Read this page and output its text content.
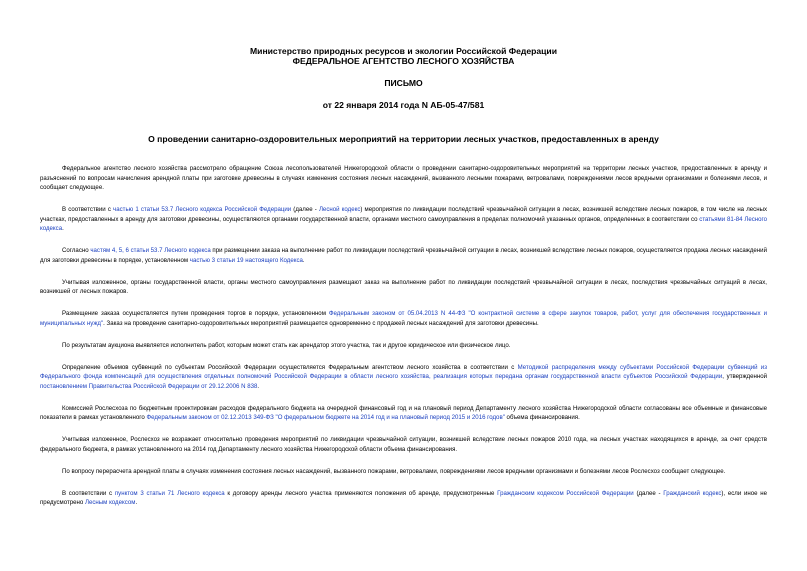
Министерство природных ресурсов и экологии Российской Федерации
ФЕДЕРАЛЬНОЕ АГЕНТСТВО ЛЕСНОГО ХОЗЯЙСТВА
ПИСЬМО
от 22 января 2014 года N АБ-05-47/581
О проведении санитарно-оздоровительных мероприятий на территории лесных участков, предоставленных в аренду

Федеральное агентство лесного хозяйства рассмотрело обращение Союза лесопользователей Нижегородской области о проведении санитарно-оздоровительных мероприятий на территории лесных участков, предоставленных в аренду и разъяснений по вопросам начисления арендной платы при заготовке древесины в случаях изменения состояния лесных насаждений, вызванного лесными пожарами, ветровалами, повреждениями лесов вредными организмами и болезнями лесов, и сообщает следующее.

В соответствии с частью 1 статьи 53.7 Лесного кодекса Российской Федерации (далее - Лесной кодекс) мероприятия по ликвидации последствий чрезвычайной ситуации в лесах, возникшей вследствие лесных пожаров, в том числе на лесных участках, предоставленных в аренду для заготовки древесины, осуществляются органами государственной власти, органами местного самоуправления в пределах полномочий указанных органов, определенных в соответствии со статьями 81-84 Лесного кодекса.

Согласно частям 4, 5, 6 статьи 53.7 Лесного кодекса при размещении заказа на выполнение работ по ликвидации последствий чрезвычайной ситуации в лесах, возникшей вследствие лесных пожаров, осуществляется продажа лесных насаждений для заготовки древесины в порядке, установленном частью 3 статьи 19 настоящего Кодекса.

Учитывая изложенное, органы государственной власти, органы местного самоуправления размещают заказ на выполнение работ по ликвидации последствий чрезвычайной ситуации в лесах, последствия чрезвычайных ситуаций в лесах, возникшей от лесных пожаров.

Размещение заказа осуществляется путем проведения торгов в порядке, установленном Федеральным законом от 05.04.2013 N 44-ФЗ "О контрактной системе в сфере закупок товаров, работ, услуг для обеспечения государственных и муниципальных нужд". Заказ на проведение санитарно-оздоровительных мероприятий размещается одновременно с продажей лесных насаждений для заготовки древесины.

По результатам аукциона выявляется исполнитель работ, которым может стать как арендатор этого участка, так и другое юридическое или физическое лицо.

Определение объемов субвенций по субъектам Российской Федерации осуществляется Федеральным агентством лесного хозяйства в соответствии с Методикой распределения между субъектами Российской Федерации субвенций из Федерального фонда компенсаций для осуществления отдельных полномочий Российской Федерации в области лесного хозяйства, реализация которых передана органам государственной власти субъектов Российской Федерации, утвержденной постановлением Правительства Российской Федерации от 29.12.2006 N 838.

Комиссией Рослесхоза по бюджетным проектировкам расходов федерального бюджета на очередной финансовый год и на плановый период Департаменту лесного хозяйства Нижегородской области согласованы все объемные и финансовые показатели в рамках установленного Федеральным законом от 02.12.2013 349-ФЗ "О федеральном бюджете на 2014 год и на плановый период 2015 и 2016 годов" объема финансирования.

Учитывая изложенное, Рослесхоз не возражает относительно проведения мероприятий по ликвидации чрезвычайной ситуации, возникшей вследствие лесных пожаров 2010 года, на лесных участках находящихся в аренде, за счет средств федерального бюджета, в рамках установленного на 2014 год Департаменту лесного хозяйства Нижегородской области объема финансирования.

По вопросу перерасчета арендной платы в случаях изменения состояния лесных насаждений, вызванного пожарами, ветровалами, повреждениями лесов вредными организмами и болезнями лесов Рослесхоз сообщает следующее.

В соответствии с пунктом 3 статьи 71 Лесного кодекса к договору аренды лесного участка применяются положения об аренде, предусмотренные Гражданским кодексом Российской Федерации (далее - Гражданский кодекс), если иное не предусмотрено Лесным кодексом.
